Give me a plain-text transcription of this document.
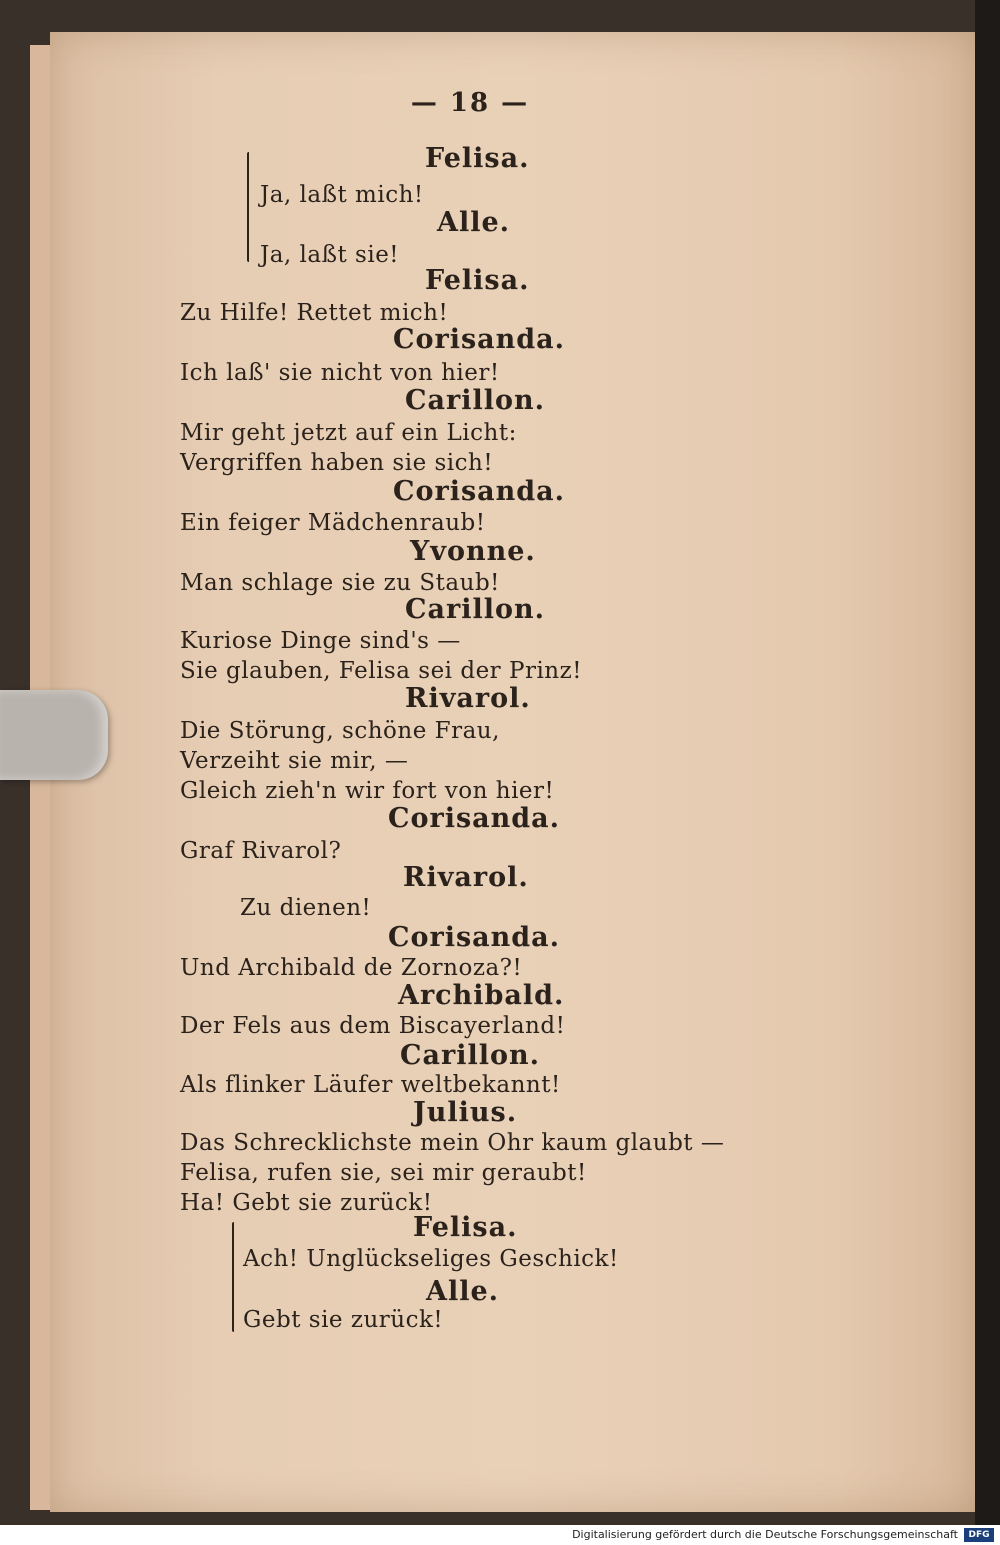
— 18 —
Felisa.
Ja, laßt mich!
Alle.
Ja, laßt sie!
Felisa.
Zu Hilfe! Rettet mich!
Corisanda.
Ich laß' sie nicht von hier!
Carillon.
Mir geht jetzt auf ein Licht:
Vergriffen haben sie sich!
Corisanda.
Ein feiger Mädchenraub!
Yvonne.
Man schlage sie zu Staub!
Carillon.
Kuriose Dinge sind's —
Sie glauben, Felisa sei der Prinz!
Rivarol.
Die Störung, schöne Frau,
Verzeiht sie mir, —
Gleich zieh'n wir fort von hier!
Corisanda.
Graf Rivarol?
Rivarol.
Zu dienen!
Corisanda.
Und Archibald de Zornoza?!
Archibald.
Der Fels aus dem Biscayerland!
Carillon.
Als flinker Läufer weltbekannt!
Julius.
Das Schrecklichste mein Ohr kaum glaubt —
Felisa, rufen sie, sei mir geraubt!
Ha! Gebt sie zurück!
Felisa.
Ach! Unglückseliges Geschick!
Alle.
Gebt sie zurück!
Digitalisierung gefördert durch die Deutsche Forschungsgemeinschaft	DFG
